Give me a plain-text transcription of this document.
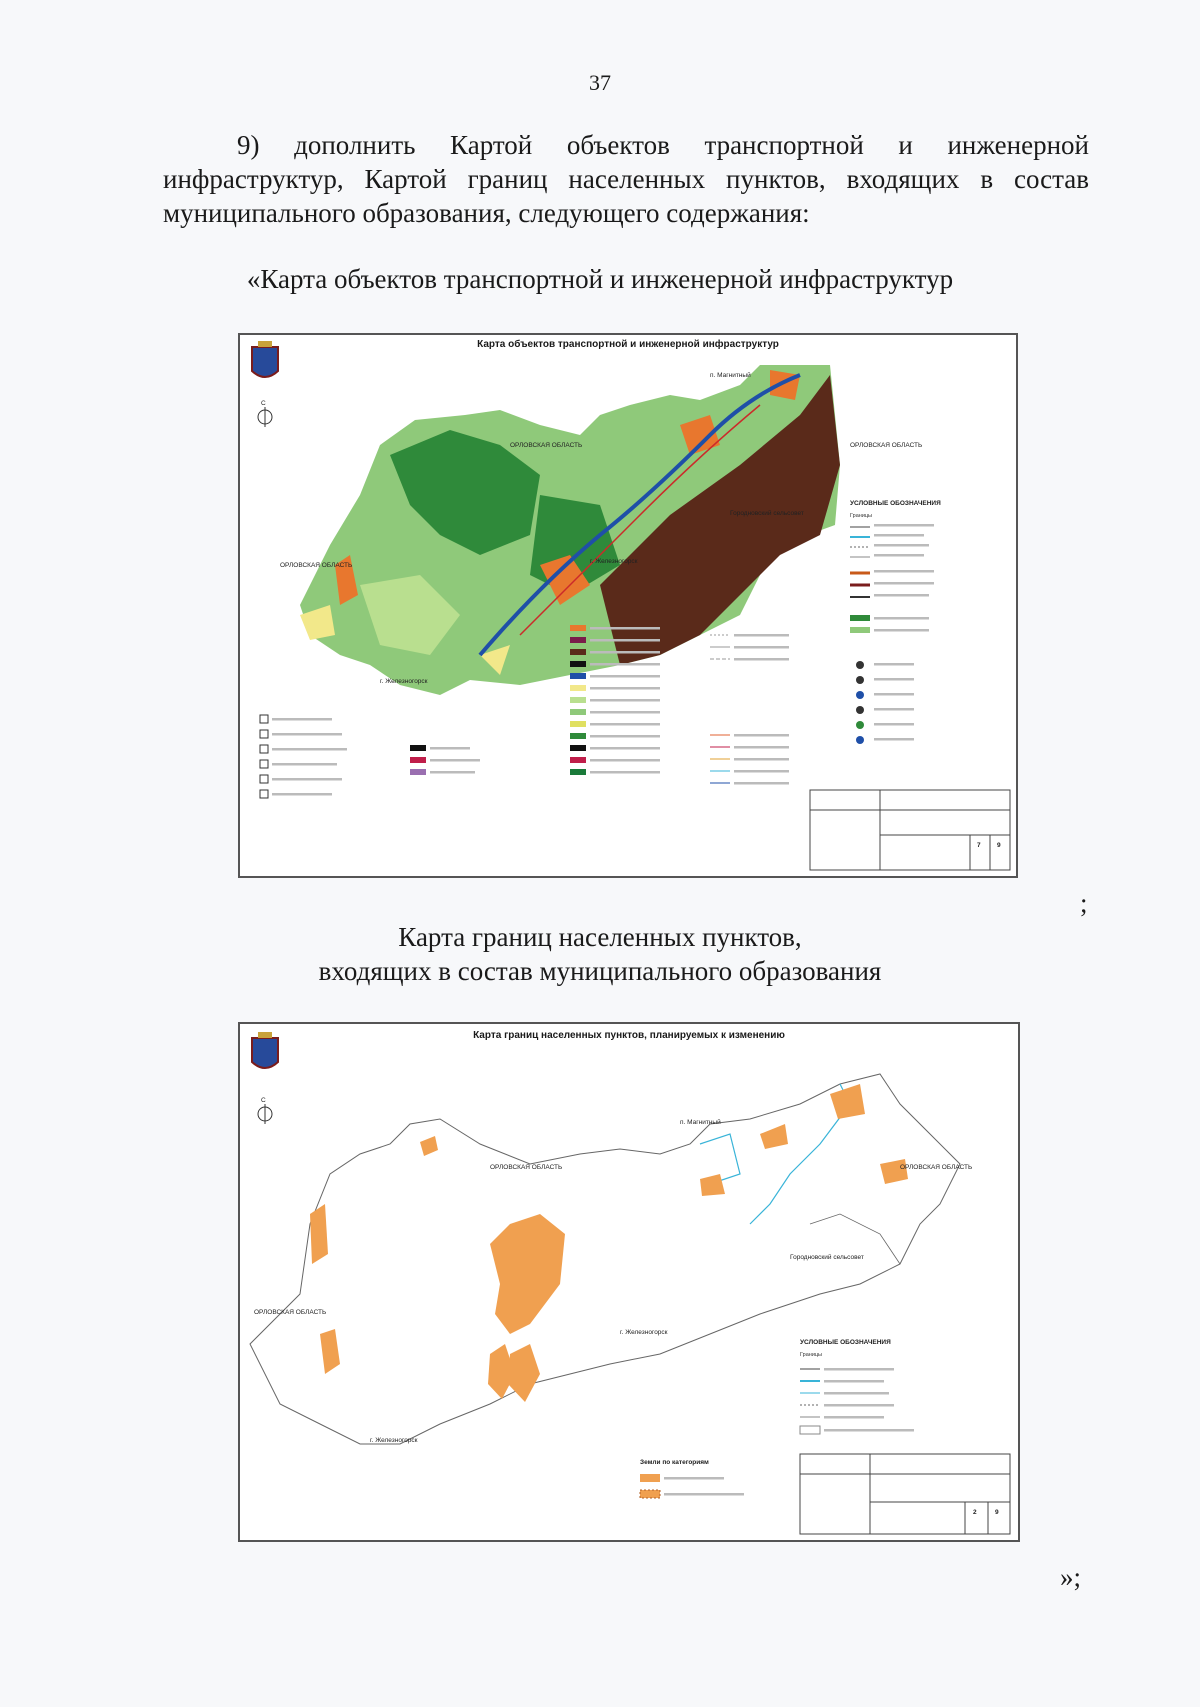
37
9) дополнить Картой объектов транспортной и инженерной инфраструктур, Картой границ населенных пунктов, входящих в состав муниципального образования, следующего содержания:
«Карта объектов транспортной и инженерной инфраструктур
С
ОРЛОВСКАЯ ОБЛАСТЬ
ОРЛОВСКАЯ ОБЛАСТЬ
ОРЛОВСКАЯ ОБЛАСТЬ
п. Магнитный
Городновский сельсовет
г. Железногорск
г. Железногорск
УСЛОВНЫЕ ОБОЗНАЧЕНИЯ
Границы
7	9
Карта объектов транспортной и инженерной инфраструктур
;
Карта границ населенных пунктов,
входящих в состав муниципального образования
С
ОРЛОВСКАЯ ОБЛАСТЬ
ОРЛОВСКАЯ ОБЛАСТЬ
ОРЛОВСКАЯ ОБЛАСТЬ
п. Магнитный
Городновский сельсовет
г. Железногорск
г. Железногорск
УСЛОВНЫЕ ОБОЗНАЧЕНИЯ
Границы
Земли по категориям
2	9
Карта границ населенных пунктов, планируемых к изменению
»;
